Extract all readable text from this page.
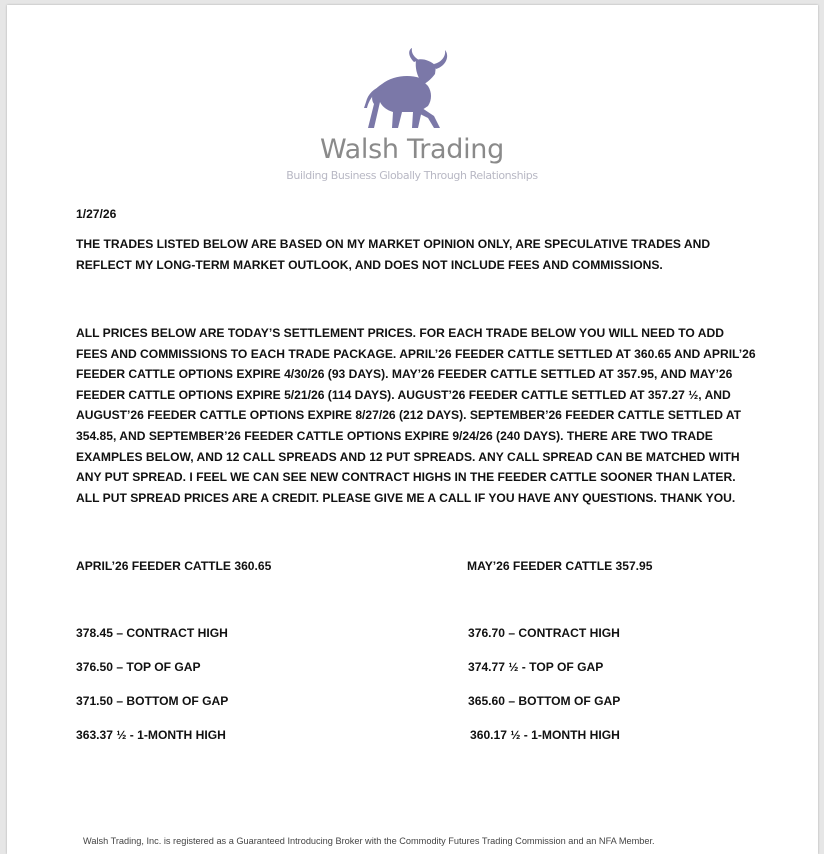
Walsh Trading
Building Business Globally Through Relationships
1/27/26
THE TRADES LISTED BELOW ARE BASED ON MY MARKET OPINION ONLY, ARE SPECULATIVE TRADES AND REFLECT MY LONG-TERM MARKET OUTLOOK, AND DOES NOT INCLUDE FEES AND COMMISSIONS.
ALL PRICES BELOW ARE TODAY’S SETTLEMENT PRICES. FOR EACH TRADE BELOW YOU WILL NEED TO ADD FEES AND COMMISSIONS TO EACH TRADE PACKAGE. APRIL’26 FEEDER CATTLE SETTLED AT 360.65 AND APRIL’26 FEEDER CATTLE OPTIONS EXPIRE 4/30/26 (93 DAYS). MAY’26 FEEDER CATTLE SETTLED AT 357.95, AND MAY’26 FEEDER CATTLE OPTIONS EXPIRE 5/21/26 (114 DAYS). AUGUST’26 FEEDER CATTLE SETTLED AT 357.27 ½, AND AUGUST’26 FEEDER CATTLE OPTIONS EXPIRE 8/27/26 (212 DAYS). SEPTEMBER’26 FEEDER CATTLE SETTLED AT 354.85, AND SEPTEMBER’26 FEEDER CATTLE OPTIONS EXPIRE 9/24/26 (240 DAYS). THERE ARE TWO TRADE EXAMPLES BELOW, AND 12 CALL SPREADS AND 12 PUT SPREADS. ANY CALL SPREAD CAN BE MATCHED WITH ANY PUT SPREAD. I FEEL WE CAN SEE NEW CONTRACT HIGHS IN THE FEEDER CATTLE SOONER THAN LATER. ALL PUT SPREAD PRICES ARE A CREDIT. PLEASE GIVE ME A CALL IF YOU HAVE ANY QUESTIONS. THANK YOU.
APRIL’26 FEEDER CATTLE 360.65	MAY’26 FEEDER CATTLE 357.95
378.45 – CONTRACT HIGH
376.50 – TOP OF GAP
371.50 – BOTTOM OF GAP
363.37 ½ - 1-MONTH HIGH
376.70 – CONTRACT HIGH
374.77 ½ - TOP OF GAP
365.60 – BOTTOM OF GAP
360.17 ½ - 1-MONTH HIGH
Walsh Trading, Inc. is registered as a Guaranteed Introducing Broker with the Commodity Futures Trading Commission and an NFA Member.
